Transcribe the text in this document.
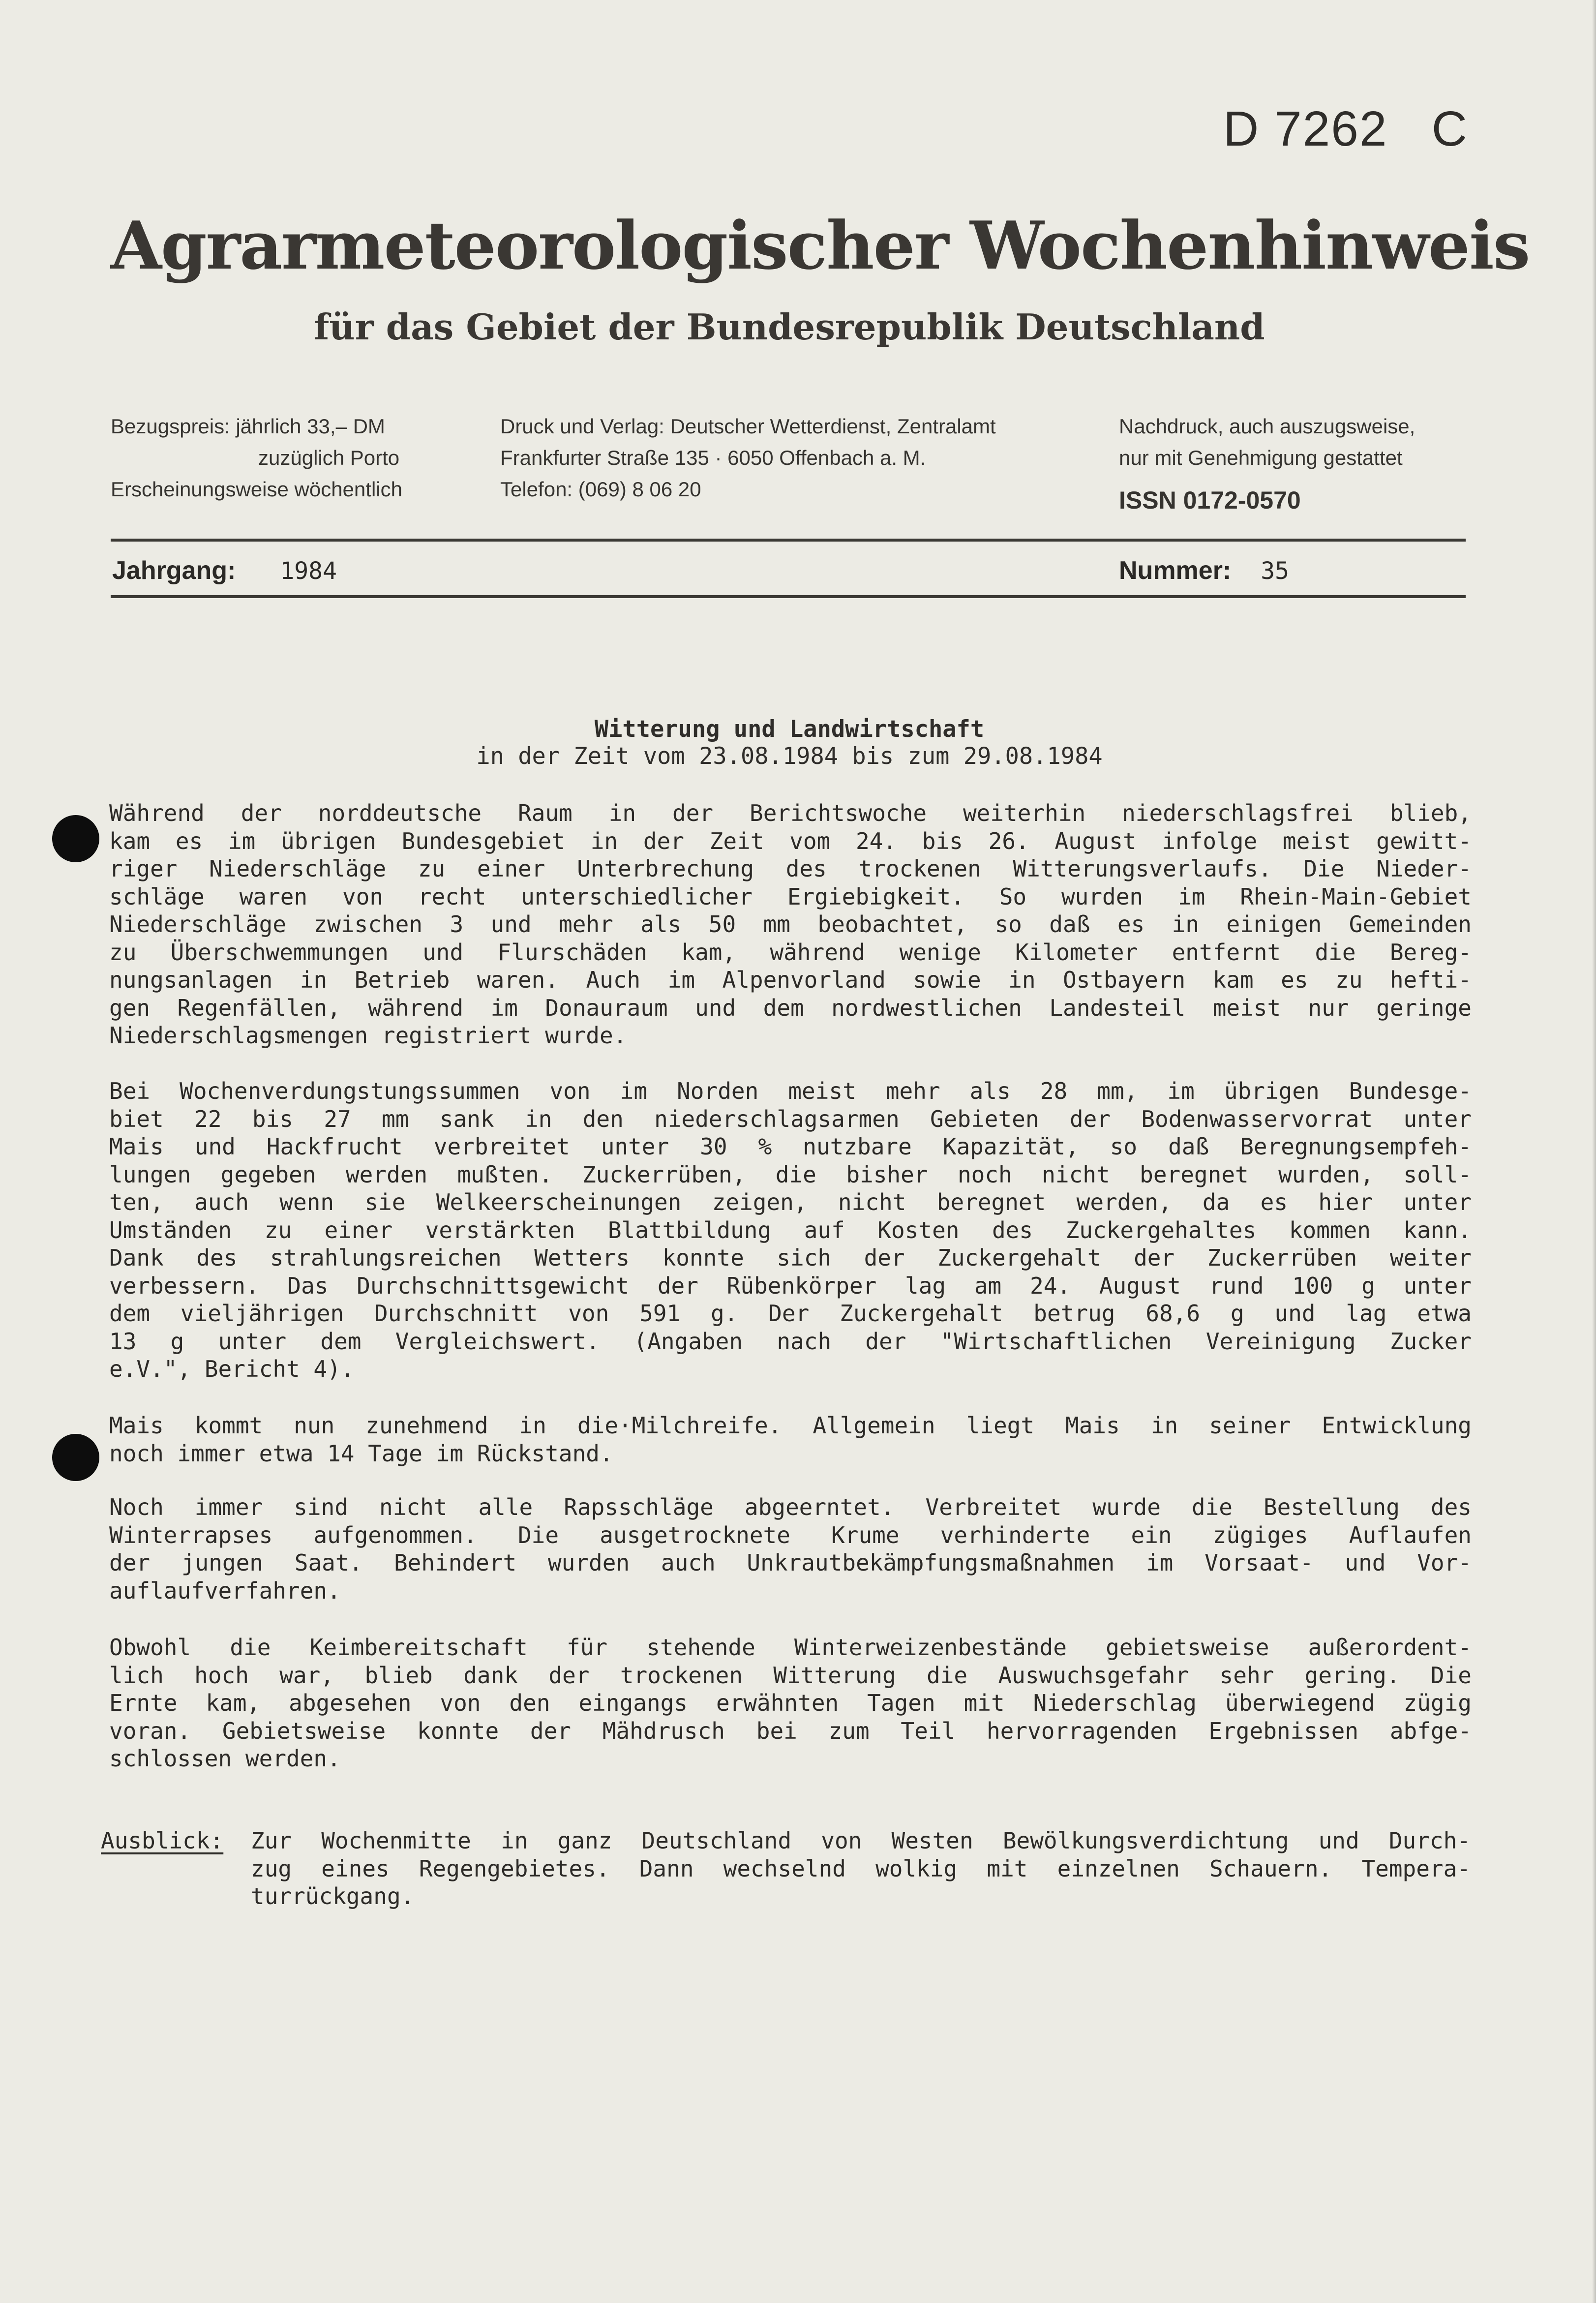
D 7262   C
Agrarmeteorologischer Wochenhinweis
für das Gebiet der Bundesrepublik Deutschland
Bezugspreis: jährlich 33,– DM
zuzüglich Porto
Erscheinungsweise wöchentlich
Druck und Verlag: Deutscher Wetterdienst, Zentralamt
Frankfurter Straße 135 · 6050 Offenbach a. M.
Telefon: (069) 8 06 20
Nachdruck, auch auszugsweise,
nur mit Genehmigung gestattet
ISSN 0172-0570
Jahrgang: 1984	Nummer: 35
Witterung und Landwirtschaft
in der Zeit vom 23.08.1984 bis zum 29.08.1984
Während der norddeutsche Raum in der Berichtswoche weiterhin niederschlagsfrei blieb,
kam es im übrigen Bundesgebiet in der Zeit vom 24. bis 26. August infolge meist gewitt-
riger Niederschläge zu einer Unterbrechung des trockenen Witterungsverlaufs. Die Nieder-
schläge waren von recht unterschiedlicher Ergiebigkeit. So wurden im Rhein-Main-Gebiet
Niederschläge zwischen 3 und mehr als 50 mm beobachtet, so daß es in einigen Gemeinden
zu Überschwemmungen und Flurschäden kam, während wenige Kilometer entfernt die Bereg-
nungsanlagen in Betrieb waren. Auch im Alpenvorland sowie in Ostbayern kam es zu hefti-
gen Regenfällen, während im Donauraum und dem nordwestlichen Landesteil meist nur geringe
Niederschlagsmengen registriert wurde.
Bei Wochenverdungstungssummen von im Norden meist mehr als 28 mm, im übrigen Bundesge-
biet 22 bis 27 mm sank in den niederschlagsarmen Gebieten der Bodenwasservorrat unter
Mais und Hackfrucht verbreitet unter 30 % nutzbare Kapazität, so daß Beregnungsempfeh-
lungen gegeben werden mußten. Zuckerrüben, die bisher noch nicht beregnet wurden, soll-
ten, auch wenn sie Welkeerscheinungen zeigen, nicht beregnet werden, da es hier unter
Umständen zu einer verstärkten Blattbildung auf Kosten des Zuckergehaltes kommen kann.
Dank des strahlungsreichen Wetters konnte sich der Zuckergehalt der Zuckerrüben weiter
verbessern. Das Durchschnittsgewicht der Rübenkörper lag am 24. August rund 100 g unter
dem vieljährigen Durchschnitt von 591 g. Der Zuckergehalt betrug 68,6 g und lag etwa
13 g unter dem Vergleichswert. (Angaben nach der "Wirtschaftlichen Vereinigung Zucker
e.V.", Bericht 4).
Mais kommt nun zunehmend in die·Milchreife. Allgemein liegt Mais in seiner Entwicklung
noch immer etwa 14 Tage im Rückstand.
Noch immer sind nicht alle Rapsschläge abgeerntet. Verbreitet wurde die Bestellung des
Winterrapses aufgenommen. Die ausgetrocknete Krume verhinderte ein zügiges Auflaufen
der jungen Saat. Behindert wurden auch Unkrautbekämpfungsmaßnahmen im Vorsaat- und Vor-
auflaufverfahren.
Obwohl die Keimbereitschaft für stehende Winterweizenbestände gebietsweise außerordent-
lich hoch war, blieb dank der trockenen Witterung die Auswuchsgefahr sehr gering. Die
Ernte kam, abgesehen von den eingangs erwähnten Tagen mit Niederschlag überwiegend zügig
voran. Gebietsweise konnte der Mähdrusch bei zum Teil hervorragenden Ergebnissen abfge-
schlossen werden.
Ausblick: Zur Wochenmitte in ganz Deutschland von Westen Bewölkungsverdichtung und Durch-
zug eines Regengebietes. Dann wechselnd wolkig mit einzelnen Schauern. Tempera-
turrückgang.
